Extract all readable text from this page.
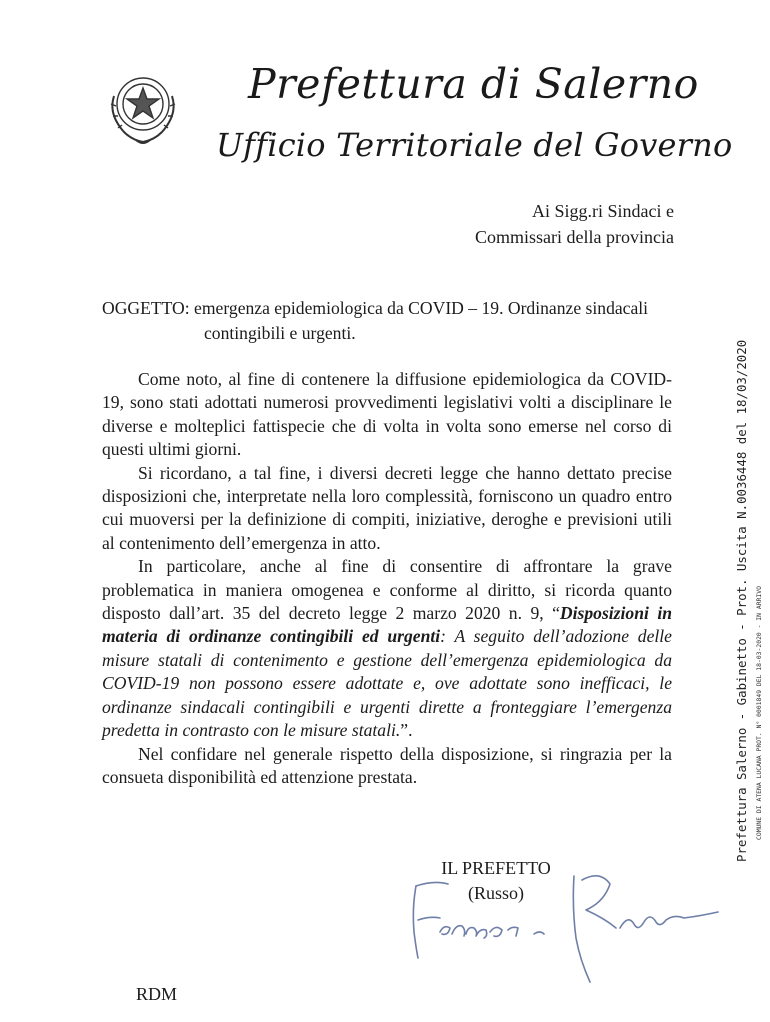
Prefettura di Salerno
Ufficio Territoriale del Governo
Ai Sigg.ri Sindaci e
Commissari della provincia
OGGETTO: emergenza epidemiologica da COVID – 19. Ordinanze sindacali
contingibili e urgenti.

Come noto, al fine di contenere la diffusione epidemiologica da COVID-19, sono stati adottati numerosi provvedimenti legislativi volti a disciplinare le diverse e molteplici fattispecie che di volta in volta sono emerse nel corso di questi ultimi giorni.

Si ricordano, a tal fine, i diversi decreti legge che hanno dettato precise disposizioni che, interpretate nella loro complessità, forniscono un quadro entro cui muoversi per la definizione di compiti, iniziative, deroghe e previsioni utili al contenimento dell’emergenza in atto.

In particolare, anche al fine di consentire di affrontare la grave problematica in maniera omogenea e conforme al diritto, si ricorda quanto disposto dall’art. 35 del decreto legge 2 marzo 2020 n. 9, “Disposizioni in materia di ordinanze contingibili ed urgenti: A seguito dell’adozione delle misure statali di contenimento e gestione dell’emergenza epidemiologica da COVID-19 non possono essere adottate e, ove adottate sono inefficaci, le ordinanze sindacali contingibili e urgenti dirette a fronteggiare l’emergenza predetta in contrasto con le misure statali.”.

Nel confidare nel generale rispetto della disposizione, si ringrazia per la consueta disponibilità ed attenzione prestata.

IL PREFETTO
(Russo)
RDM
Prefettura Salerno - Gabinetto - Prot. Uscita N.0036448 del 18/03/2020 COMUNE DI ATENA LUCANA PROT. N° 0001849 DEL 18-03-2020 - IN ARRIVO
